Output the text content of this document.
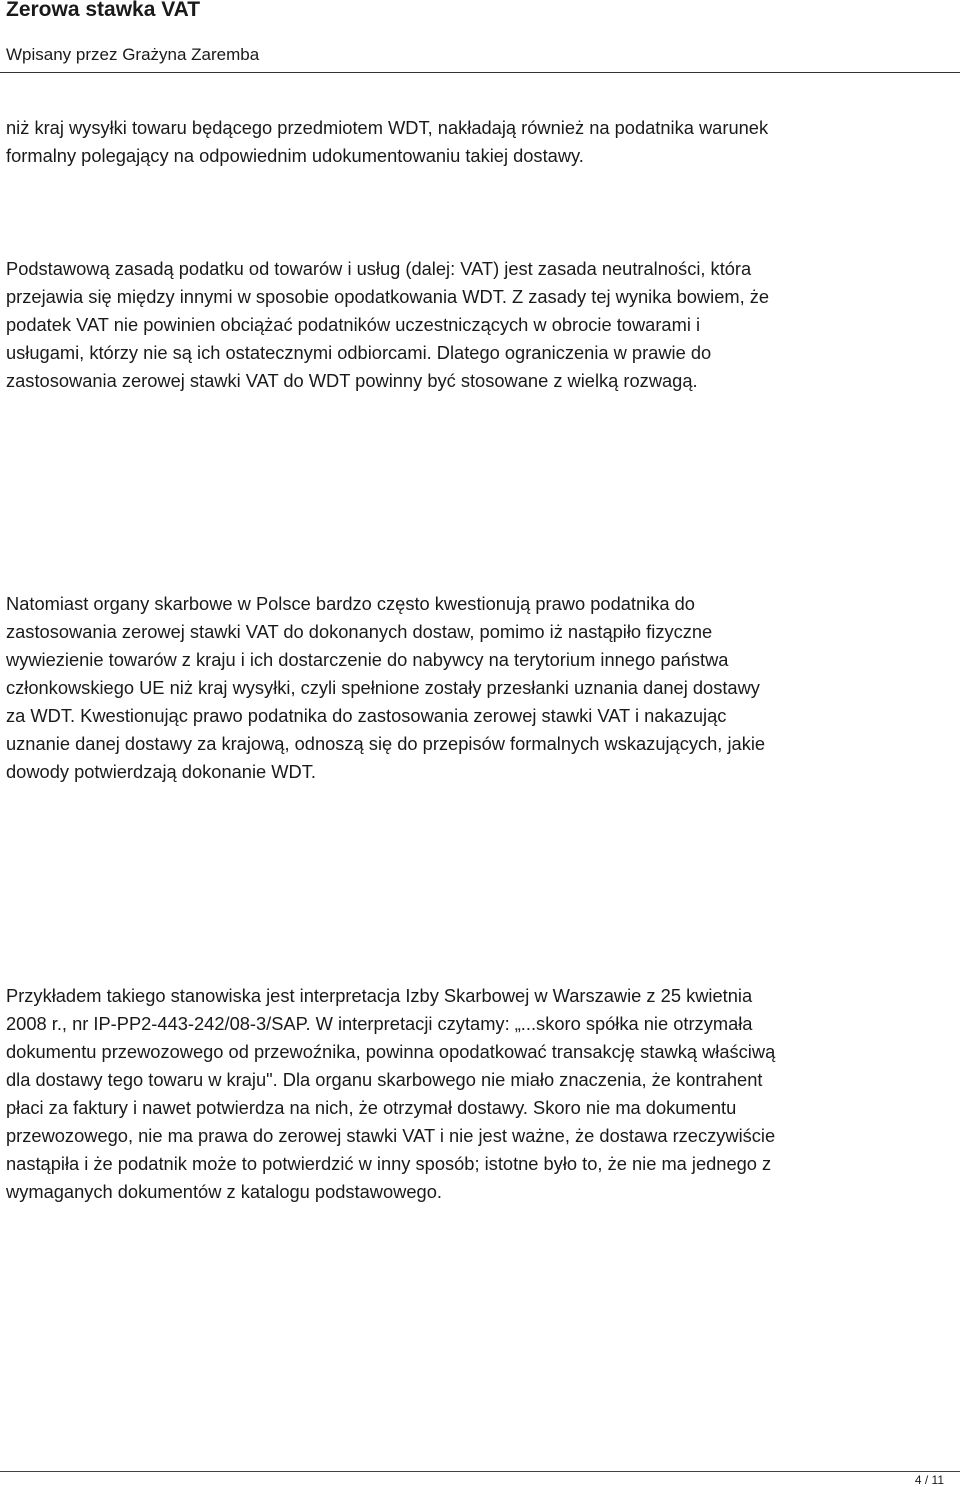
Zerowa stawka VAT
Wpisany przez Grażyna Zaremba

niż kraj wysyłki towaru będącego przedmiotem WDT, nakładają również na podatnika warunek
formalny polegający na odpowiednim udokumentowaniu takiej dostawy.

Podstawową zasadą podatku od towarów i usług (dalej: VAT) jest zasada neutralności, która
przejawia się między innymi w sposobie opodatkowania WDT. Z zasady tej wynika bowiem, że
podatek VAT nie powinien obciążać podatników uczestniczących w obrocie towarami i
usługami, którzy nie są ich ostatecznymi odbiorcami. Dlatego ograniczenia w prawie do
zastosowania zerowej stawki VAT do WDT powinny być stosowane z wielką rozwagą.

Natomiast organy skarbowe w Polsce bardzo często kwestionują prawo podatnika do
zastosowania zerowej stawki VAT do dokonanych dostaw, pomimo iż nastąpiło fizyczne
wywiezienie towarów z kraju i ich dostarczenie do nabywcy na terytorium innego państwa
członkowskiego UE niż kraj wysyłki, czyli spełnione zostały przesłanki uznania danej dostawy
za WDT. Kwestionując prawo podatnika do zastosowania zerowej stawki VAT i nakazując
uznanie danej dostawy za krajową, odnoszą się do przepisów formalnych wskazujących, jakie
dowody potwierdzają dokonanie WDT.

Przykładem takiego stanowiska jest interpretacja Izby Skarbowej w Warszawie z 25 kwietnia
2008 r., nr IP-PP2-443-242/08-3/SAP. W interpretacji czytamy: „...skoro spółka nie otrzymała
dokumentu przewozowego od przewoźnika, powinna opodatkować transakcję stawką właściwą
dla dostawy tego towaru w kraju". Dla organu skarbowego nie miało znaczenia, że kontrahent
płaci za faktury i nawet potwierdza na nich, że otrzymał dostawy. Skoro nie ma dokumentu
przewozowego, nie ma prawa do zerowej stawki VAT i nie jest ważne, że dostawa rzeczywiście
nastąpiła i że podatnik może to potwierdzić w inny sposób; istotne było to, że nie ma jednego z
wymaganych dokumentów z katalogu podstawowego.

4 / 11
